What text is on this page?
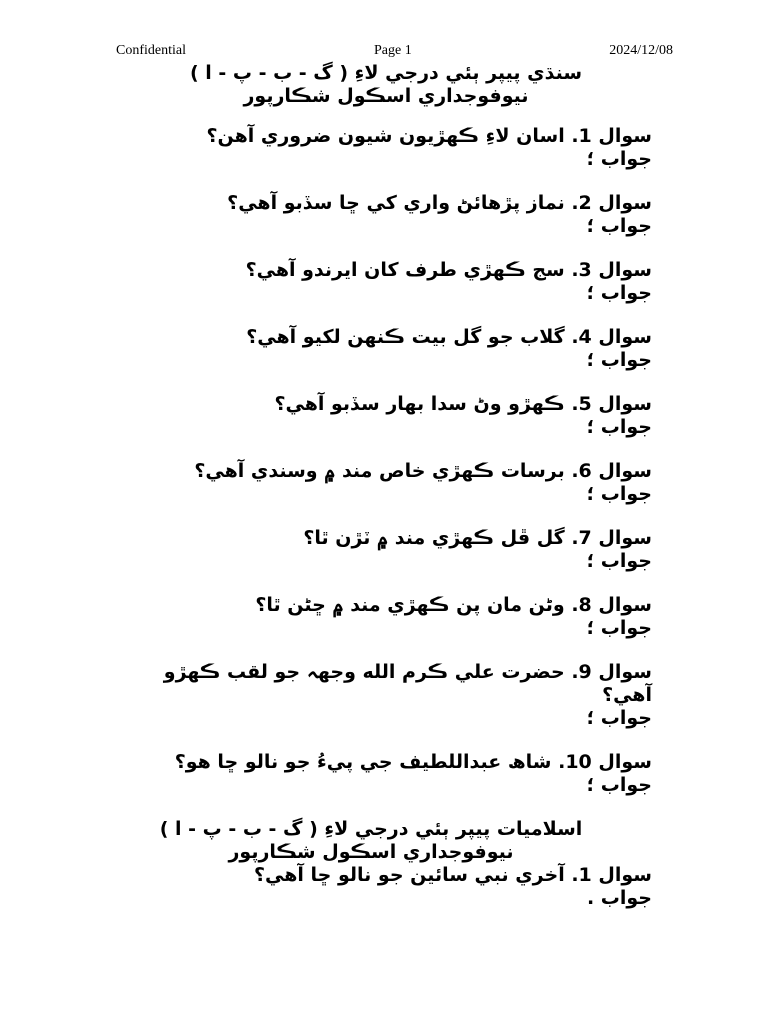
Confidential	Page 1	2024/12/08

سنڌي پيپر ٻئي درجي لاءِ ( گ - ب - پ - ا )

نيوفوجداري اسڪول شڪارپور

سوال 1. اسان لاءِ ڪهڙيون شيون ضروري آهن؟

جواب ؛

سوال 2. نماز پڙهائڻ واري کي ڇا سڏبو آهي؟

جواب ؛

سوال 3. سج ڪهڙي طرف کان ايرندو آهي؟

جواب ؛

سوال 4. گلاب جو گل بيت ڪنهن لکيو آهي؟

جواب ؛

سوال 5. ڪهڙو وڻ سدا بهار سڏبو آهي؟

جواب ؛

سوال 6. برسات ڪهڙي خاص مند ۾ وسندي آهي؟

جواب ؛

سوال 7. گل ڦل ڪهڙي مند ۾ ٽڙن ٿا؟

جواب ؛

سوال 8. وڻن مان پن ڪهڙي مند ۾ ڇڻن ٿا؟

جواب ؛

سوال 9. حضرت علي ڪرم الله وجهہ جو لقب ڪهڙو آهي؟

جواب ؛

سوال 10. شاھ عبداللطيف جي پيءُ جو نالو ڇا هو؟

جواب ؛

اسلاميات پيپر ٻئي درجي لاءِ ( گ - ب - پ - ا )

نيوفوجداري اسڪول شڪارپور

سوال 1. آخري نبي سائين جو نالو ڇا آهي؟

جواب .
